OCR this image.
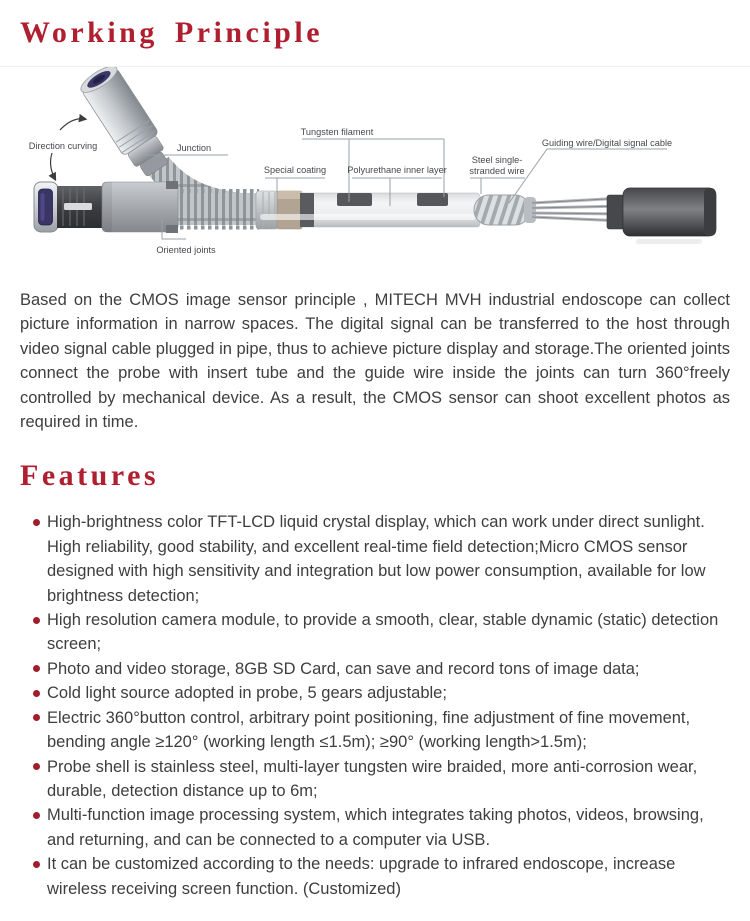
Working Principle
Direction curving	Junction
Tungsten filament
Special coating Polyurethane inner layer
Steel single-
stranded wire
Guiding wire/Digital signal cable
Oriented joints

Based on the CMOS image sensor principle , MITECH MVH industrial endoscope can collect picture information in narrow spaces. The digital signal can be transferred to the host through video signal cable plugged in pipe, thus to achieve picture display and storage.The oriented joints connect the probe with insert tube and the guide wire inside the joints can turn 360°freely controlled by mechanical device. As a result, the CMOS sensor can shoot excellent photos as required in time.

Features
High-brightness color TFT-LCD liquid crystal display, which can work under direct sunlight. High reliability, good stability, and excellent real-time field detection;Micro CMOS sensor designed with high sensitivity and integration but low power consumption, available for low brightness detection;
High resolution camera module, to provide a smooth, clear, stable dynamic (static) detection screen;
Photo and video storage, 8GB SD Card, can save and record tons of image data;
Cold light source adopted in probe, 5 gears adjustable;
Electric 360°button control, arbitrary point positioning, fine adjustment of fine movement, bending angle ≥120° (working length ≤1.5m); ≥90° (working length>1.5m);
Probe shell is stainless steel, multi-layer tungsten wire braided, more anti-corrosion wear, durable, detection distance up to 6m;
Multi-function image processing system, which integrates taking photos, videos, browsing, and returning, and can be connected to a computer via USB.
It can be customized according to the needs: upgrade to infrared endoscope, increase wireless receiving screen function. (Customized)
